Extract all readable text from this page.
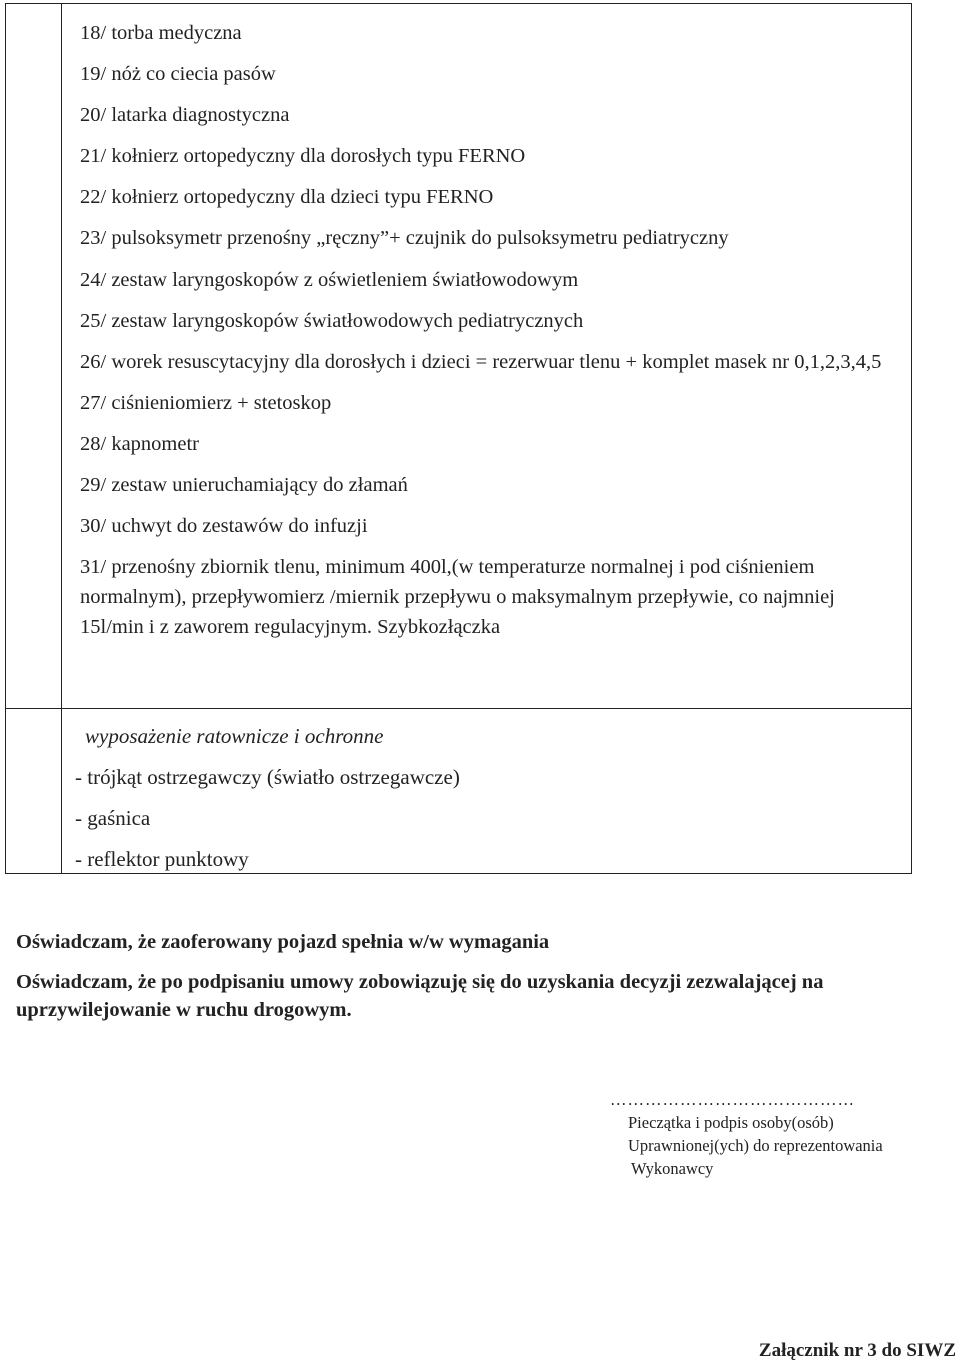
18/ torba medyczna
19/ nóż co ciecia pasów
20/ latarka diagnostyczna
21/ kołnierz ortopedyczny dla dorosłych typu FERNO
22/ kołnierz ortopedyczny dla dzieci typu FERNO
23/ pulsoksymetr przenośny „ręczny”+ czujnik do pulsoksymetru pediatryczny
24/ zestaw laryngoskopów z oświetleniem światłowodowym
25/ zestaw laryngoskopów światłowodowych pediatrycznych
26/ worek resuscytacyjny dla dorosłych i dzieci = rezerwuar tlenu + komplet masek nr 0,1,2,3,4,5
27/ ciśnieniomierz + stetoskop
28/ kapnometr
29/ zestaw unieruchamiający do złamań
30/ uchwyt do zestawów do infuzji
31/ przenośny zbiornik tlenu, minimum 400l,(w temperaturze normalnej i pod ciśnieniem normalnym), przepływomierz /miernik przepływu o maksymalnym przepływie, co najmniej 15l/min i z zaworem regulacyjnym. Szybkozłączka
wyposażenie ratownicze i ochronne
- trójkąt ostrzegawczy (światło ostrzegawcze)
- gaśnica
- reflektor punktowy
Oświadczam, że zaoferowany pojazd spełnia w/w wymagania
Oświadczam, że po podpisaniu umowy zobowiązuję się do uzyskania decyzji zezwalającej na uprzywilejowanie w ruchu drogowym.
……………………………………
Pieczątka i podpis osoby(osób)
Uprawnionej(ych) do reprezentowania
Wykonawcy
Załącznik nr 3 do SIWZ
